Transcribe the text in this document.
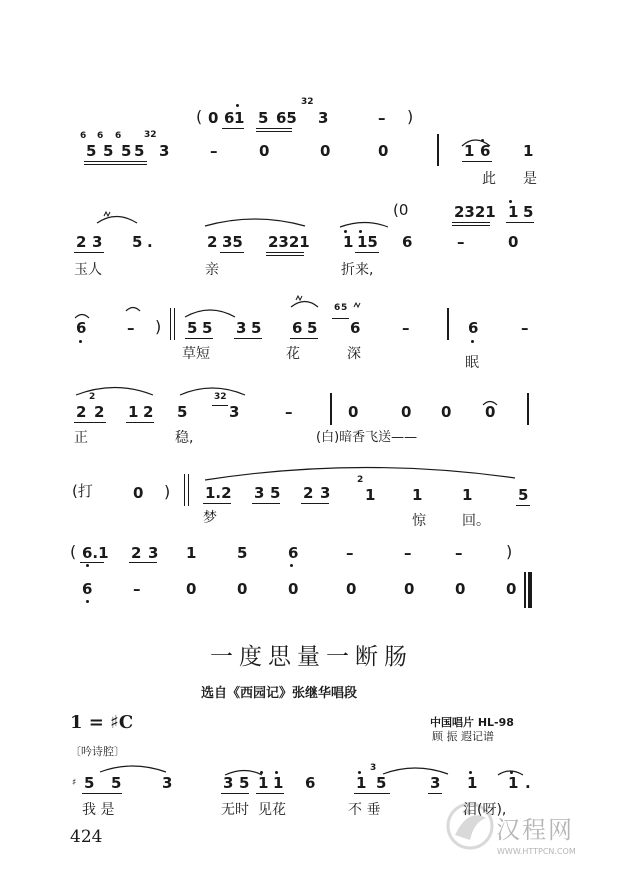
( 0 6 1 5 65
32
3	– )
6
5
6
5
6
5 5
32
3	–	0	0	0	1 6 1
此 是
(0	2321 1 5
2 3 5 .	2 35 2321 1 15 6	–	0
玉人	亲	折来,
6	– ) 5 5 3 5 6 5
6 5
6	–	6	–
草短	花	深
眠
2
2 2 1 2 5
32
3	–	0	0 0 0
正	稳,	(白)暗香飞送——
(打	0 ) 1.2 3 5 2 3
2
1 1	1	5
梦	惊	回。
( 6.1 2 3 1	5	6	–	–	–	)
6	–	0	0	0	0	0	0	0
一度思量一断肠
选自《西园记》张继华唱段
1 = ♯C	中国唱片 HL-98
顾 振 遐记谱
〔吟诗腔〕
♯ 5 5	3	3 5 1 1 6	1
3
5	3 1 1 .
我 是	无时 见花	不 垂	泪(呀),
424	汉程网
WWW.HTTPCN.COM
